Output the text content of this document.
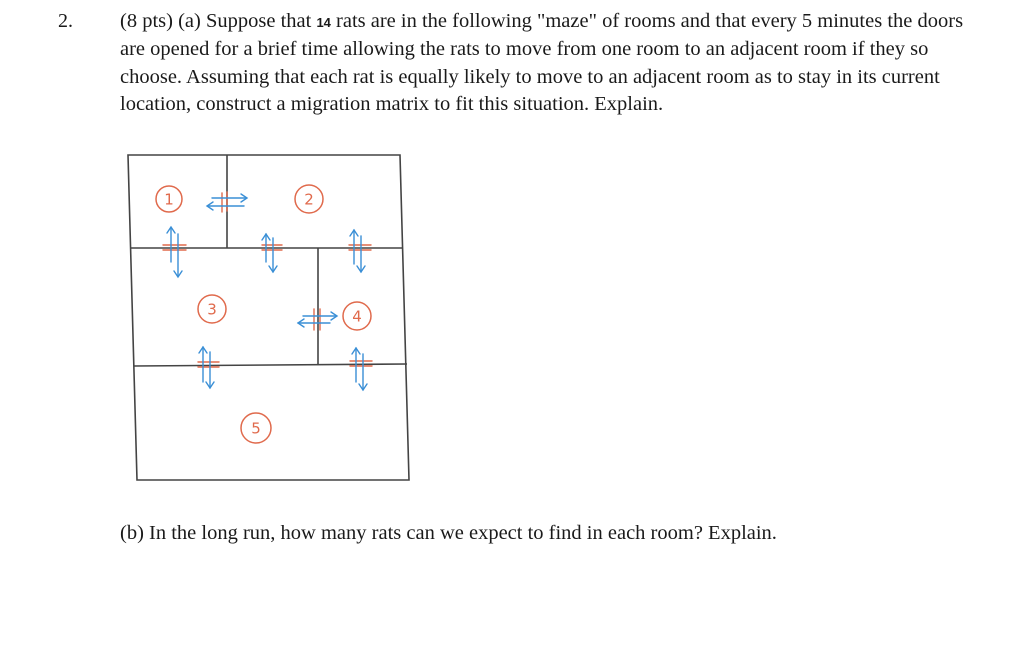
2. (8 pts) (a) Suppose that 14 rats are in the following "maze" of rooms and that every 5 minutes the doors are opened for a brief time allowing the rats to move from one room to an adjacent room if they so choose. Assuming that each rat is equally likely to move to an adjacent room as to stay in its current location, construct a migration matrix to fit this situation. Explain.
1	2
3	4
5
(b) In the long run, how many rats can we expect to find in each room? Explain.
